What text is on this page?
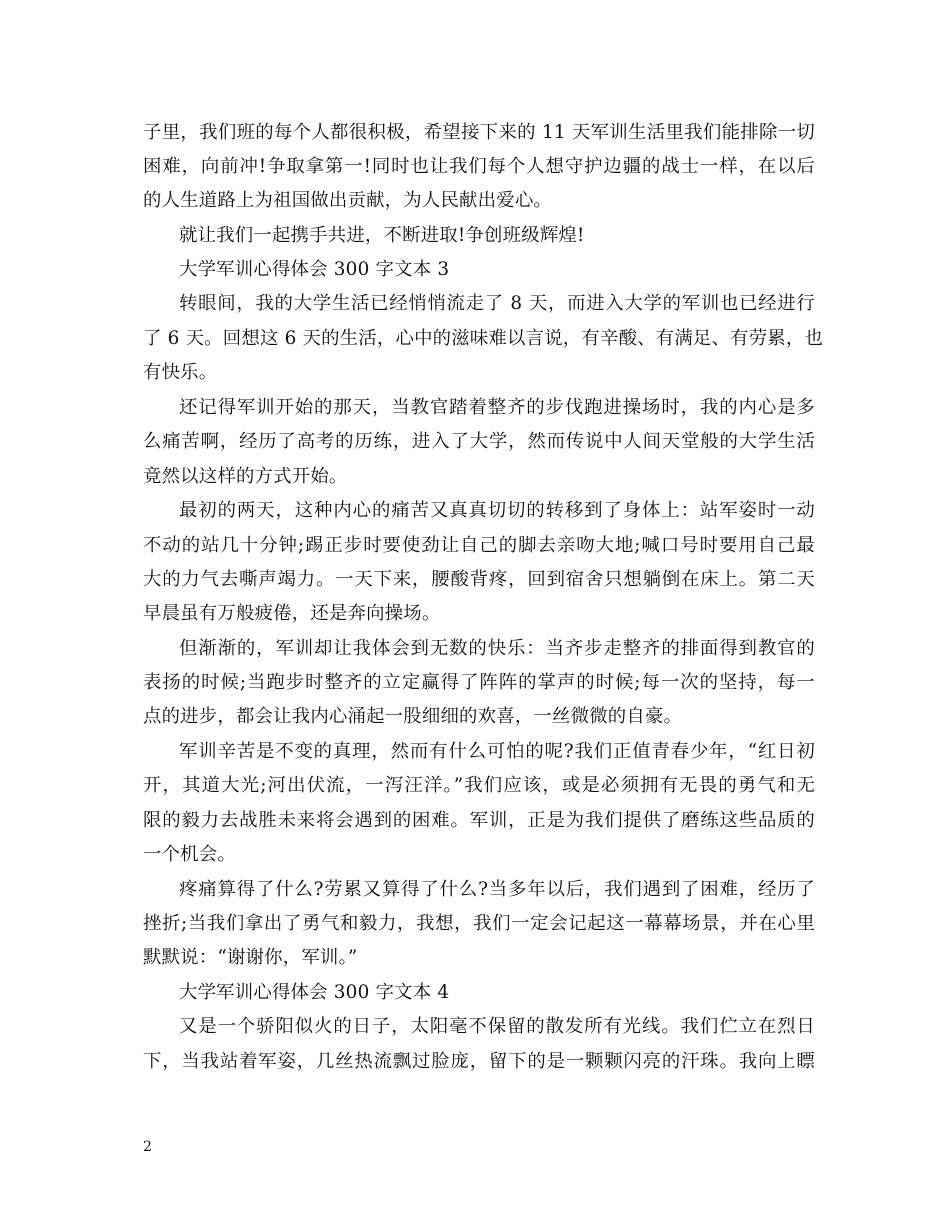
子里，我们班的每个人都很积极，希望接下来的 11 天军训生活里我们能排除一切
困难，向前冲!争取拿第一!同时也让我们每个人想守护边疆的战士一样，在以后
的人生道路上为祖国做出贡献，为人民献出爱心。
就让我们一起携手共进，不断进取!争创班级辉煌!
大学军训心得体会 300 字文本 3
转眼间，我的大学生活已经悄悄流走了 8 天，而进入大学的军训也已经进行
了 6 天。回想这 6 天的生活，心中的滋味难以言说，有辛酸、有满足、有劳累，也
有快乐。
还记得军训开始的那天，当教官踏着整齐的步伐跑进操场时，我的内心是多
么痛苦啊，经历了高考的历练，进入了大学，然而传说中人间天堂般的大学生活
竟然以这样的方式开始。
最初的两天，这种内心的痛苦又真真切切的转移到了身体上：站军姿时一动
不动的站几十分钟;踢正步时要使劲让自己的脚去亲吻大地;喊口号时要用自己最
大的力气去嘶声竭力。一天下来，腰酸背疼，回到宿舍只想躺倒在床上。第二天
早晨虽有万般疲倦，还是奔向操场。
但渐渐的，军训却让我体会到无数的快乐：当齐步走整齐的排面得到教官的
表扬的时候;当跑步时整齐的立定赢得了阵阵的掌声的时候;每一次的坚持，每一
点的进步，都会让我内心涌起一股细细的欢喜，一丝微微的自豪。
军训辛苦是不变的真理，然而有什么可怕的呢?我们正值青春少年，“红日初
开，其道大光;河出伏流，一泻汪洋。”我们应该，或是必须拥有无畏的勇气和无
限的毅力去战胜未来将会遇到的困难。军训，正是为我们提供了磨练这些品质的
一个机会。
疼痛算得了什么?劳累又算得了什么?当多年以后，我们遇到了困难，经历了
挫折;当我们拿出了勇气和毅力，我想，我们一定会记起这一幕幕场景，并在心里
默默说：“谢谢你，军训。”
大学军训心得体会 300 字文本 4
又是一个骄阳似火的日子，太阳毫不保留的散发所有光线。我们伫立在烈日
下，当我站着军姿，几丝热流飘过脸庞，留下的是一颗颗闪亮的汗珠。我向上瞟
2
